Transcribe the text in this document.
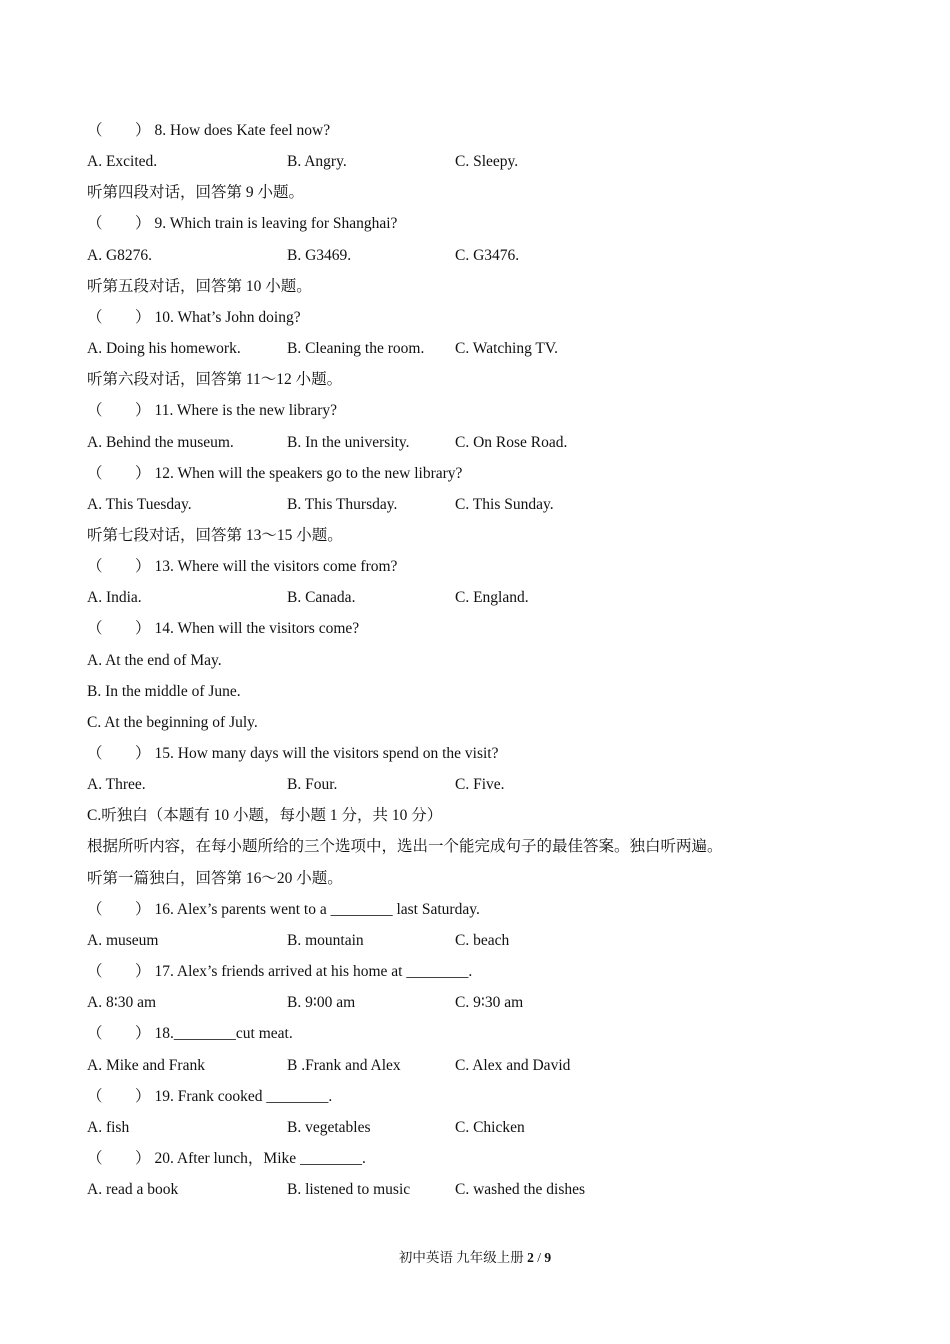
（ ） 8. How does Kate feel now?
A. Excited.	B. Angry.	C. Sleepy.
听第四段对话，回答第 9 小题。
（ ） 9. Which train is leaving for Shanghai?
A. G8276.	B. G3469.	C. G3476.
听第五段对话，回答第 10 小题。
（ ） 10. What’s John doing?
A. Doing his homework.	B. Cleaning the room. C. Watching TV.
听第六段对话，回答第 11～12 小题。
（ ） 11. Where is the new library?
A. Behind the museum.	B. In the university.	C. On Rose Road.
（ ） 12. When will the speakers go to the new library?
A. This Tuesday.	B. This Thursday.	C. This Sunday.
听第七段对话，回答第 13～15 小题。
（ ） 13. Where will the visitors come from?
A. India.	B. Canada.	C. England.
（ ） 14. When will the visitors come?
A. At the end of May.
B. In the middle of June.
C. At the beginning of July.
（ ） 15. How many days will the visitors spend on the visit?
A. Three.	B. Four.	C. Five.
C.听独白（本题有 10 小题，每小题 1 分，共 10 分）
根据所听内容，在每小题所给的三个选项中，选出一个能完成句子的最佳答案。独白听两遍。
听第一篇独白，回答第 16～20 小题。
（ ） 16. Alex’s parents went to a ________ last Saturday.
A. museum	B. mountain	C. beach
（ ） 17. Alex’s friends arrived at his home at ________.
A. 8∶30 am	B. 9∶00 am	C. 9∶30 am
（ ） 18.________cut meat.
A. Mike and Frank	B .Frank and Alex	C. Alex and David
（ ） 19. Frank cooked ________.
A. fish	B. vegetables	C. Chicken
（ ） 20. After lunch，Mike ________.
A. read a book	B. listened to music	C. washed the dishes
初中英语 九年级上册 2 / 9
